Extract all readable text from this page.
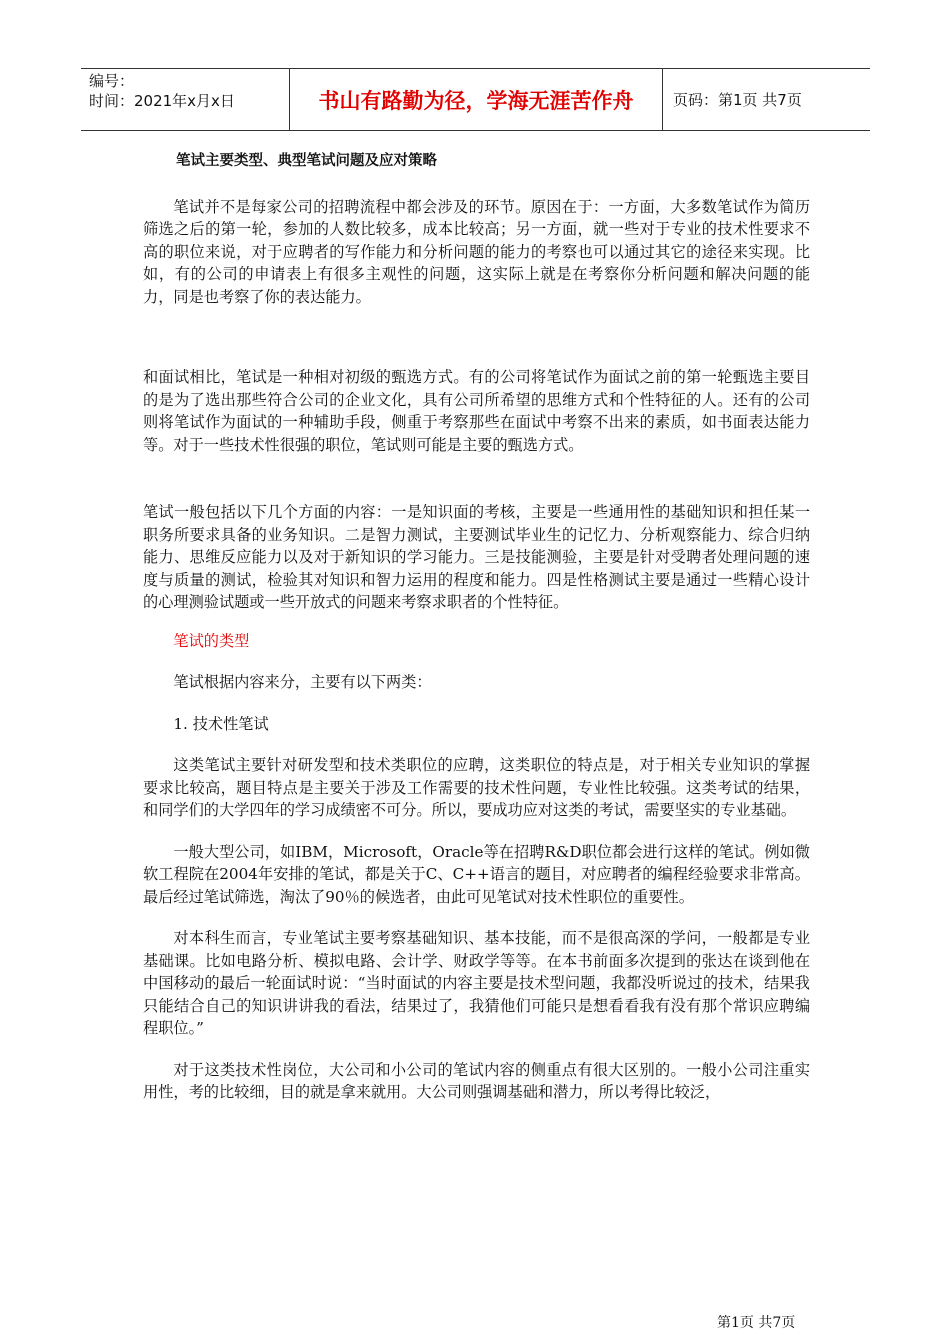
编号：
时间：2021年x月x日	书山有路勤为径，学海无涯苦作舟	页码：第1页 共7页

笔试主要类型、典型笔试问题及应对策略

笔试并不是每家公司的招聘流程中都会涉及的环节。原因在于：一方面，大多数笔试作为简历筛选之后的第一轮，参加的人数比较多，成本比较高；另一方面，就一些对于专业的技术性要求不高的职位来说，对于应聘者的写作能力和分析问题的能力的考察也可以通过其它的途径来实现。比如，有的公司的申请表上有很多主观性的问题，这实际上就是在考察你分析问题和解决问题的能力，同是也考察了你的表达能力。

和面试相比，笔试是一种相对初级的甄选方式。有的公司将笔试作为面试之前的第一轮甄选主要目的是为了选出那些符合公司的企业文化，具有公司所希望的思维方式和个性特征的人。还有的公司则将笔试作为面试的一种辅助手段，侧重于考察那些在面试中考察不出来的素质，如书面表达能力等。对于一些技术性很强的职位，笔试则可能是主要的甄选方式。

笔试一般包括以下几个方面的内容：一是知识面的考核，主要是一些通用性的基础知识和担任某一职务所要求具备的业务知识。二是智力测试，主要测试毕业生的记忆力、分析观察能力、综合归纳能力、思维反应能力以及对于新知识的学习能力。三是技能测验，主要是针对受聘者处理问题的速度与质量的测试，检验其对知识和智力运用的程度和能力。四是性格测试主要是通过一些精心设计的心理测验试题或一些开放式的问题来考察求职者的个性特征。

笔试的类型

笔试根据内容来分，主要有以下两类：

1. 技术性笔试

这类笔试主要针对研发型和技术类职位的应聘，这类职位的特点是，对于相关专业知识的掌握要求比较高，题目特点是主要关于涉及工作需要的技术性问题，专业性比较强。这类考试的结果，和同学们的大学四年的学习成绩密不可分。所以，要成功应对这类的考试，需要坚实的专业基础。

一般大型公司，如IBM，Microsoft，Oracle等在招聘R&D职位都会进行这样的笔试。例如微软工程院在2004年安排的笔试，都是关于C、C++语言的题目，对应聘者的编程经验要求非常高。最后经过笔试筛选，淘汰了90％的候选者，由此可见笔试对技术性职位的重要性。

对本科生而言，专业笔试主要考察基础知识、基本技能，而不是很高深的学问，一般都是专业基础课。比如电路分析、模拟电路、会计学、财政学等等。在本书前面多次提到的张达在谈到他在中国移动的最后一轮面试时说：“当时面试的内容主要是技术型问题，我都没听说过的技术，结果我只能结合自己的知识讲讲我的看法，结果过了，我猜他们可能只是想看看我有没有那个常识应聘编程职位。”

对于这类技术性岗位，大公司和小公司的笔试内容的侧重点有很大区别的。一般小公司注重实用性，考的比较细，目的就是拿来就用。大公司则强调基础和潜力，所以考得比较泛，

第1页 共7页
